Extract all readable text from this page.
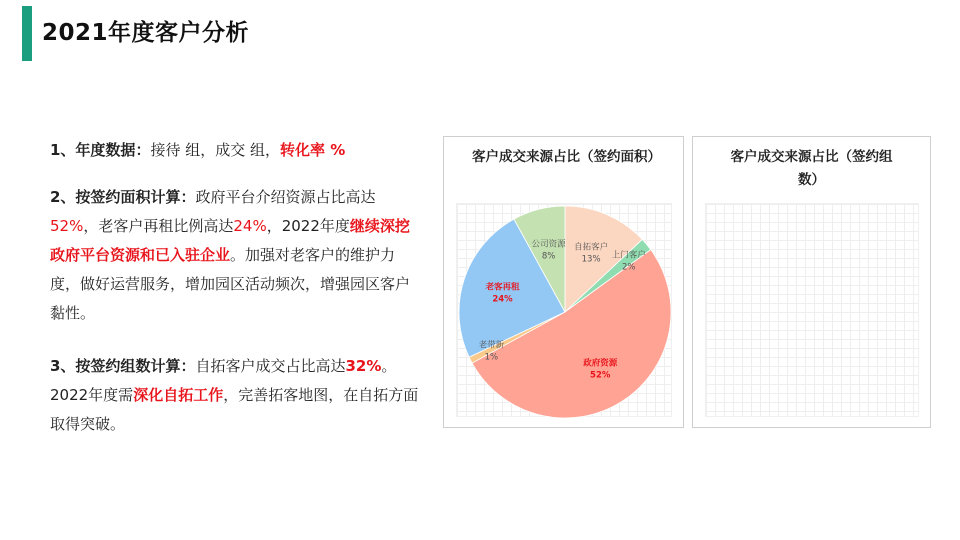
2021年度客户分析
1、年度数据：接待 组，成交 组，转化率 %
2、按签约面积计算：政府平台介绍资源占比高达52%，老客户再租比例高达24%，2022年度继续深挖政府平台资源和已入驻企业。加强对老客户的维护力度，做好运营服务，增加园区活动频次，增强园区客户黏性。
3、按签约组数计算：自拓客户成交占比高达32%。2022年度需深化自拓工作，完善拓客地图，在自拓方面取得突破。
客户成交来源占比（签约面积）
自拓客户
13% 上门客户
2%
政府资源
52%
老带新
1%
老客再租
24%
公司资源
8%
客户成交来源占比（签约组数）
